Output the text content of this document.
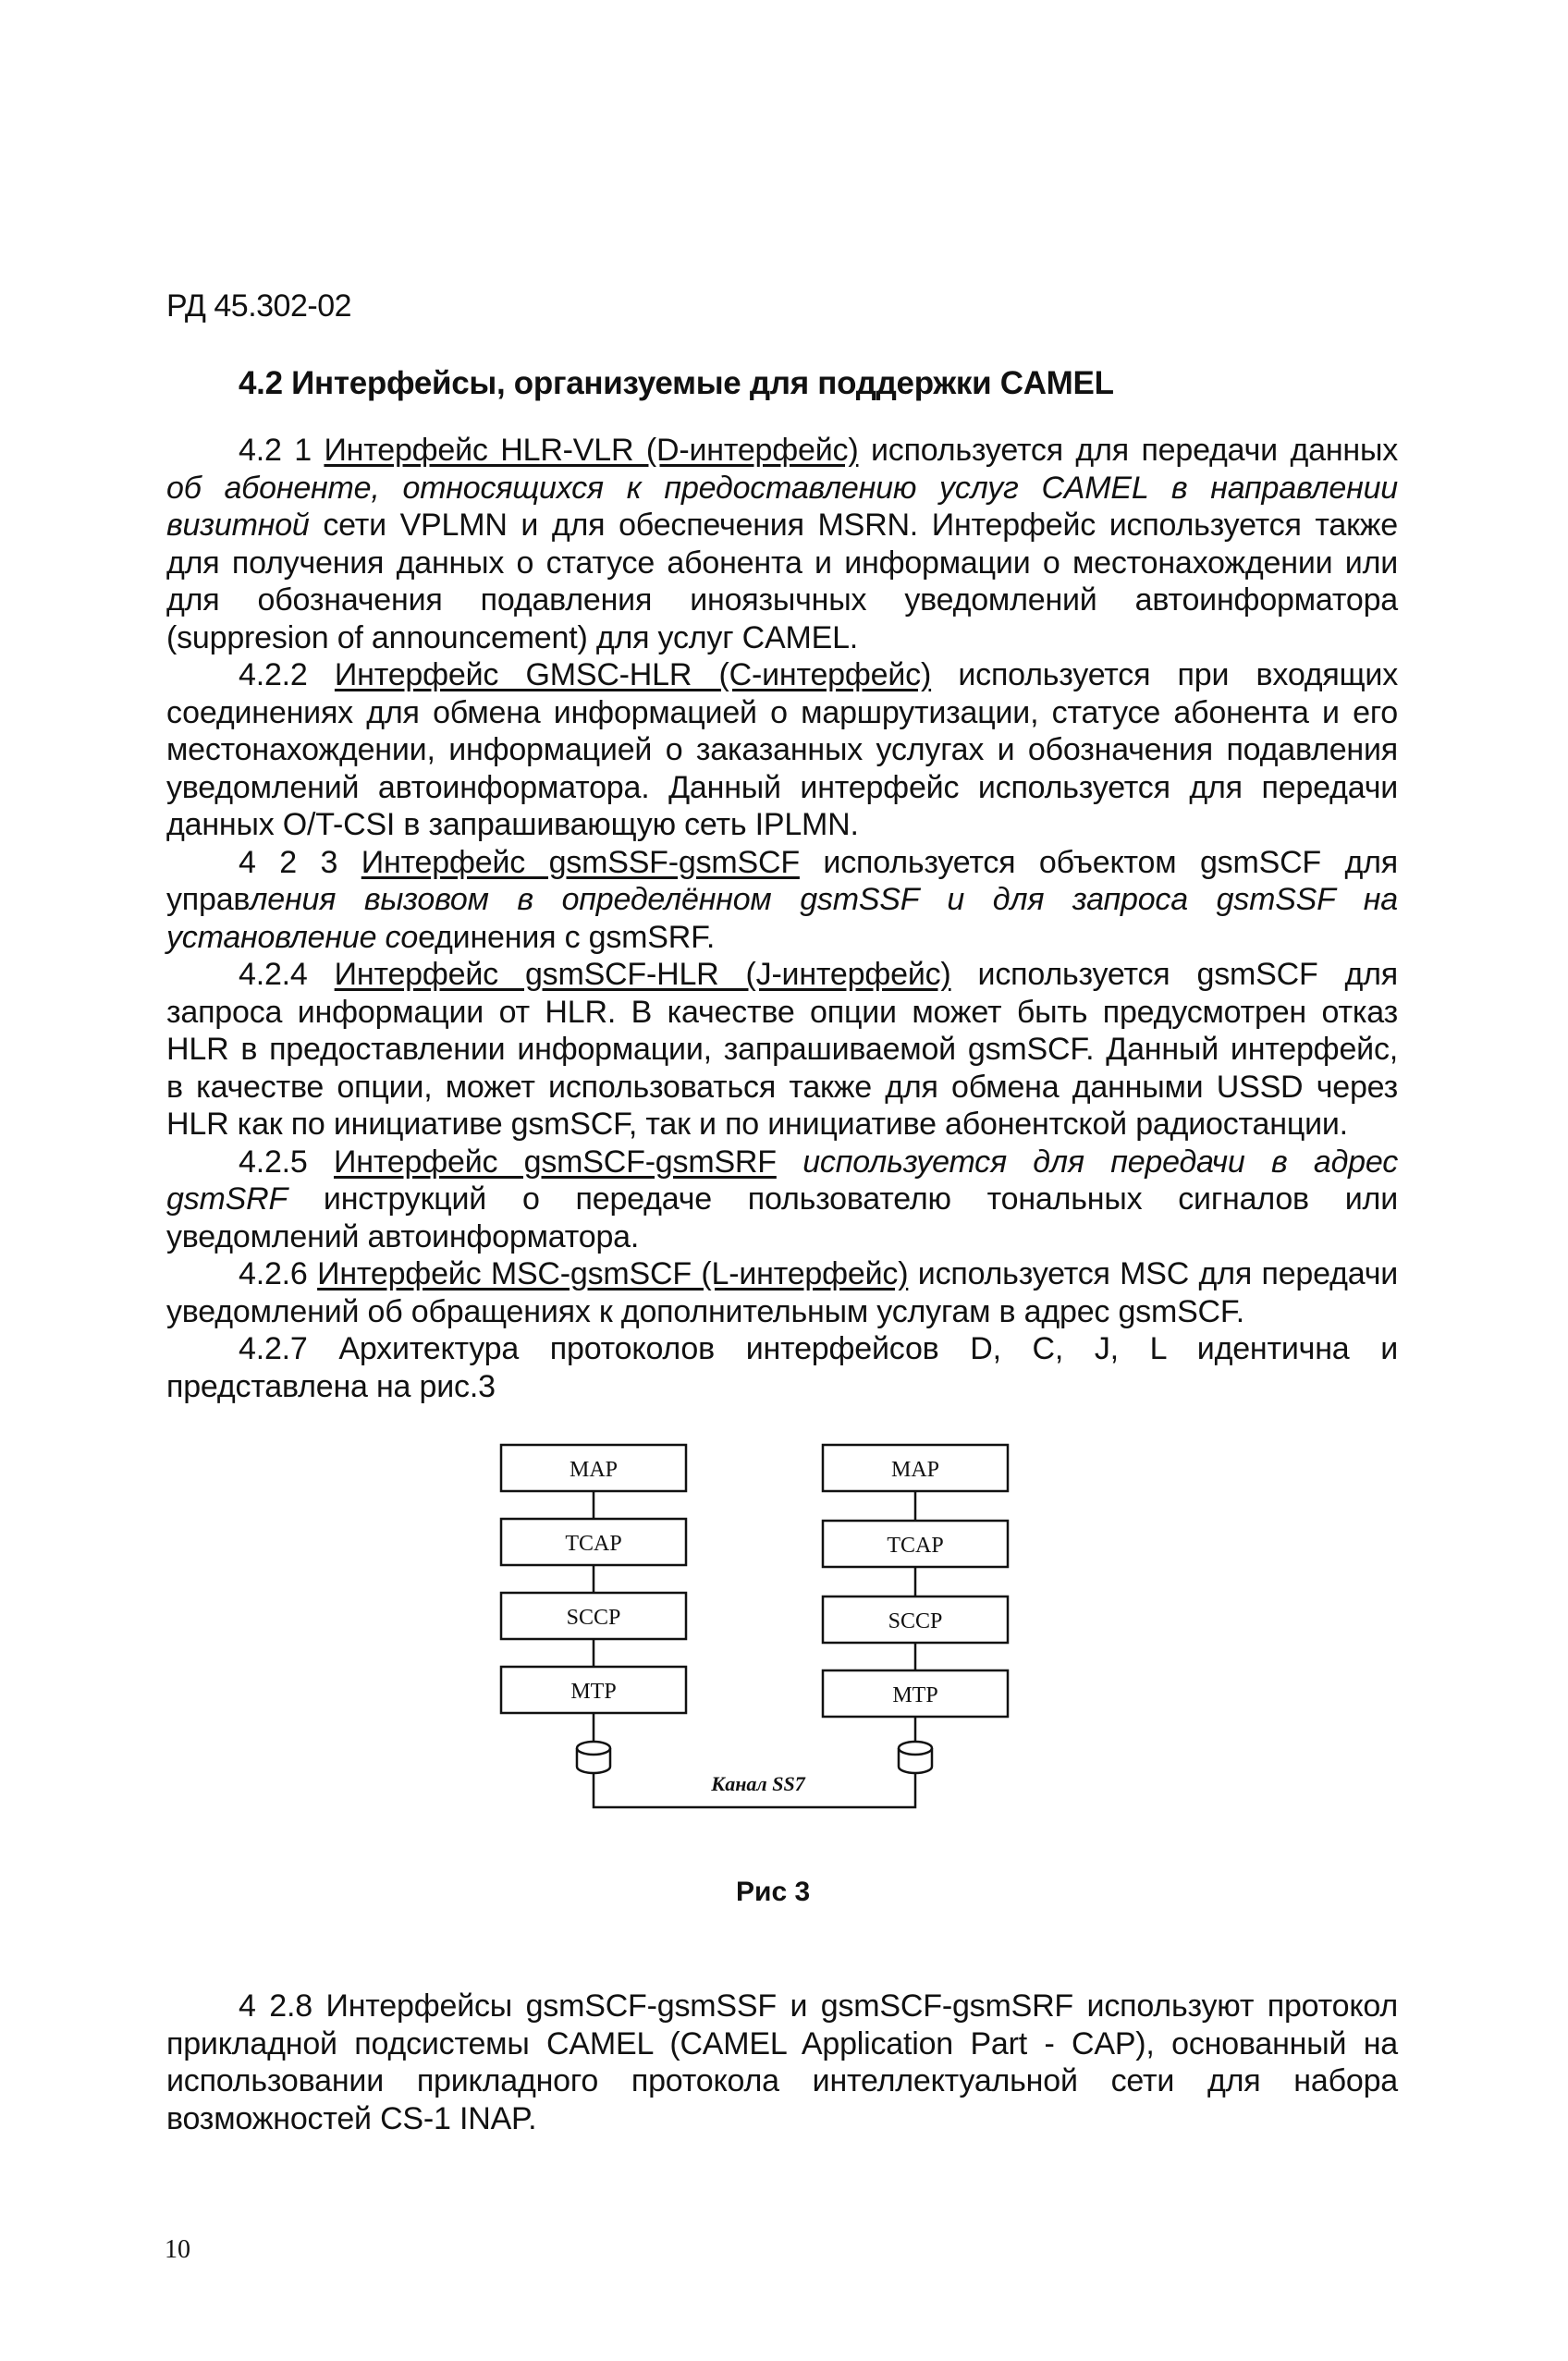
РД 45.302-02
4.2 Интерфейсы, организуемые для поддержки CAMEL

4.2 1 Интерфейс HLR-VLR (D-интерфейс) используется для передачи данных об абоненте, относящихся к предоставлению услуг CAMEL в направлении визитной сети VPLMN и для обеспечения MSRN. Интерфейс используется также для получения данных о статусе абонента и информации о местонахождении или для обозначения подавления иноязычных уведомлений автоинформатора (suppresion of announcement) для услуг CAMEL.

4.2.2 Интерфейс GMSC-HLR (C-интерфейс) используется при входящих соединениях для обмена информацией о маршрутизации, статусе абонента и его местонахождении, информацией о заказанных услугах и обозначения подавления уведомлений автоинформатора. Данный интерфейс используется для передачи данных O/T-CSI в запрашивающую сеть IPLMN.

4 2 3 Интерфейс gsmSSF-gsmSCF используется объектом gsmSCF для управления вызовом в определённом gsmSSF и для запроса gsmSSF на установление соединения с gsmSRF.

4.2.4 Интерфейс gsmSCF-HLR (J-интерфейс) используется gsmSCF для запроса информации от HLR. В качестве опции может быть предусмотрен отказ HLR в предоставлении информации, запрашиваемой gsmSCF. Данный интерфейс, в качестве опции, может использоваться также для обмена данными USSD через HLR как по инициативе gsmSCF, так и по инициативе абонентской радиостанции.

4.2.5 Интерфейс gsmSCF-gsmSRF используется для передачи в адрес gsmSRF инструкций о передаче пользователю тональных сигналов или уведомлений автоинформатора.

4.2.6 Интерфейс MSC-gsmSCF (L-интерфейс) используется MSC для передачи уведомлений об обращениях к дополнительным услугам в адрес gsmSCF.

4.2.7 Архитектура протоколов интерфейсов D, C, J, L идентична и представлена на рис.3

MAP
TCAP
SCCP
MTP
MAP
TCAP
SCCP
MTP
Канал SS7
Рис 3

4 2.8 Интерфейсы gsmSCF-gsmSSF и gsmSCF-gsmSRF используют протокол прикладной подсистемы CAMEL (CAMEL Application Part - CAP), основанный на использовании прикладного протокола интеллектуальной сети для набора возможностей CS-1 INAP.

10
